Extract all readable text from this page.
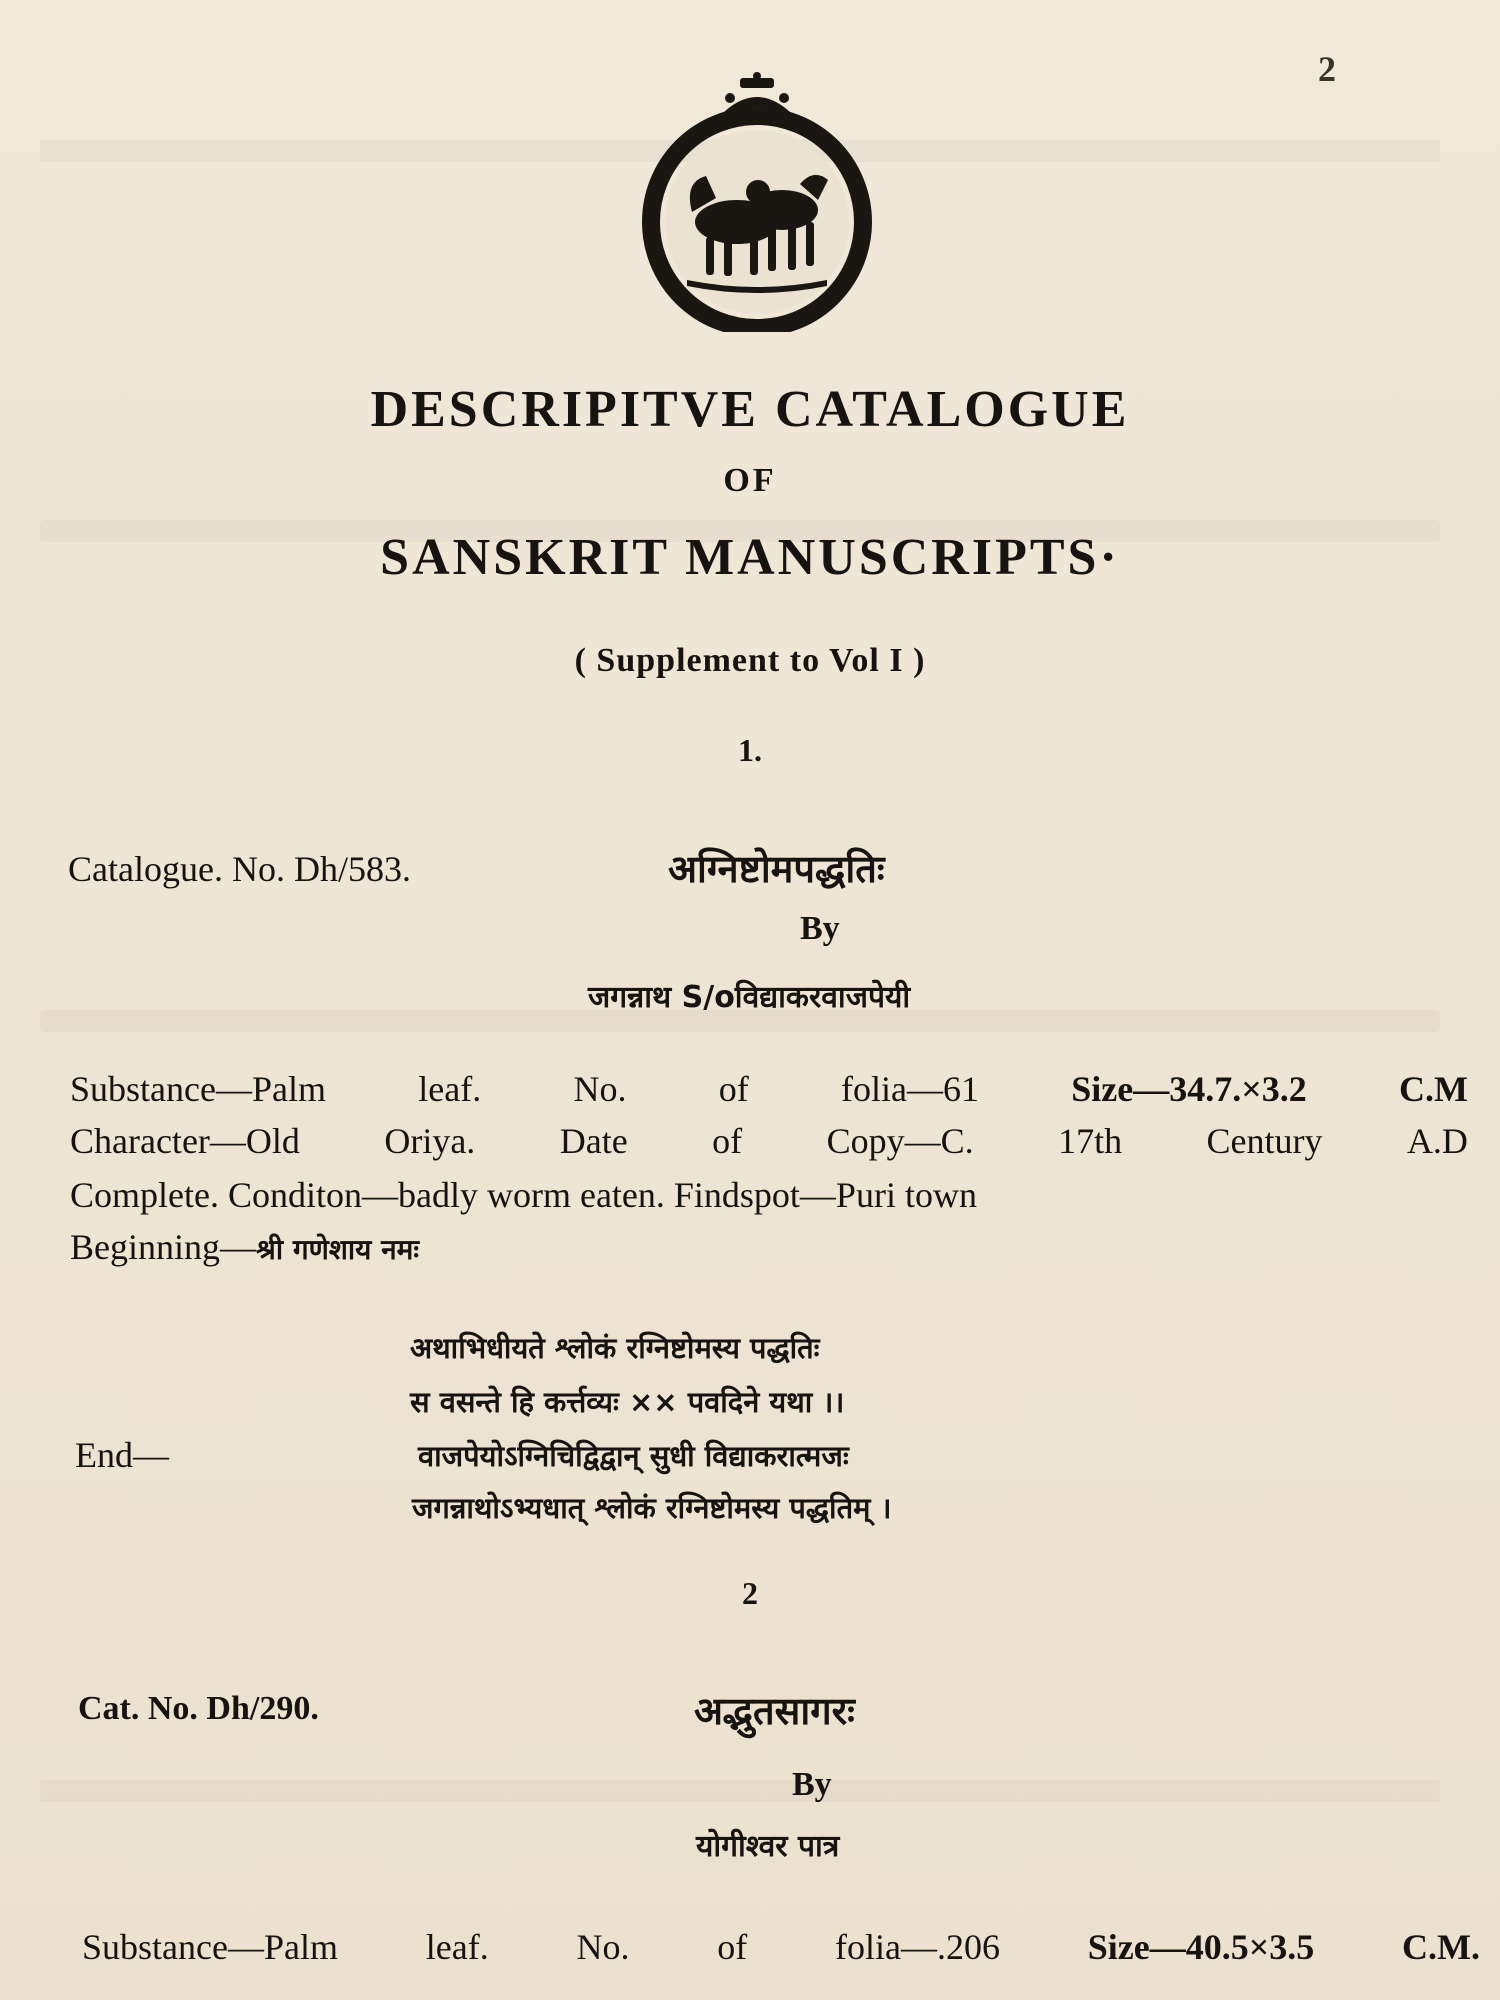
2
DESCRIPITVE CATALOGUE
OF
SANSKRIT MANUSCRIPTS·
( Supplement to Vol I )
1.
Catalogue. No. Dh/583.	अग्निष्टोमपद्धतिः
By
जगन्नाथ S/oविद्याकरवाजपेयी
Substance—Palm	leaf.	No.	of	folia—61	Size—34.7.×3.2	C.M
Character—Old Oriya. Date of Copy—C. 17th Century A.D
Complete. Conditon—badly worm eaten. Findspot—Puri town
Beginning—श्री गणेशाय नमः
अथाभिधीयते श्लोकं रग्निष्टोमस्य पद्धतिः
स वसन्ते हि कर्त्तव्यः ×× पवदिने यथा ।।
End—	वाजपेयोऽग्निचिद्विद्वान् सुधी विद्याकरात्मजः
जगन्नाथोऽभ्यधात् श्लोकं रग्निष्टोमस्य पद्धतिम् ।
2
Cat. No. Dh/290.	अद्भुतसागरः
By
योगीश्वर पात्र
Substance—Palm leaf. No. of folia—.206 Size—40.5×3.5 C.M.
